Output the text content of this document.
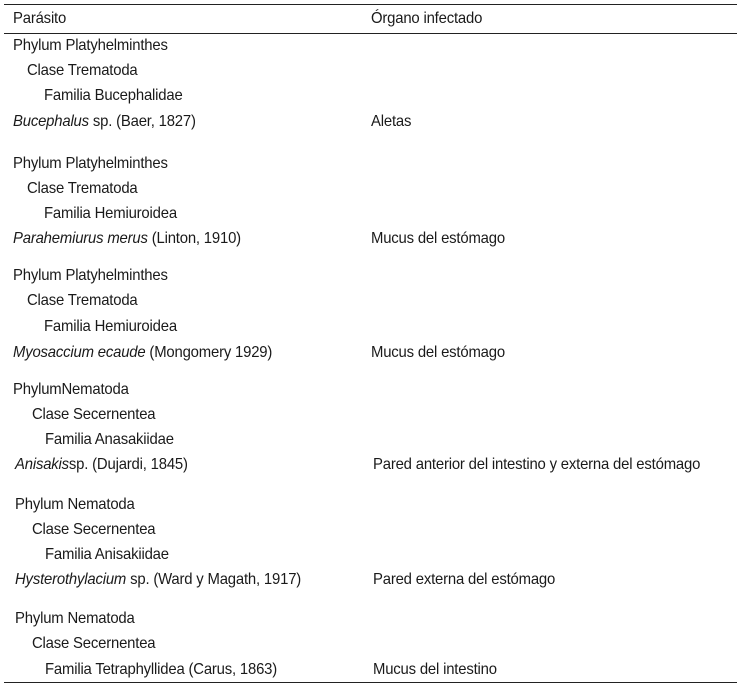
Parásito	Órgano infectado
Phylum Platyhelminthes
Clase Trematoda
Familia Bucephalidae
Bucephalus sp. (Baer, 1827)	Aletas
Phylum Platyhelminthes
Clase Trematoda
Familia Hemiuroidea
Parahemiurus merus (Linton, 1910)	Mucus del estómago
Phylum Platyhelminthes
Clase Trematoda
Familia Hemiuroidea
Myosaccium ecaude (Mongomery 1929)	Mucus del estómago
PhylumNematoda
Clase Secernentea
Familia Anasakiidae
Anisakissp. (Dujardi, 1845)	Pared anterior del intestino y externa del estómago
Phylum Nematoda
Clase Secernentea
Familia Anisakiidae
Hysterothylacium sp. (Ward y Magath, 1917)	Pared externa del estómago
Phylum Nematoda
Clase Secernentea
Familia Tetraphyllidea (Carus, 1863)	Mucus del intestino
